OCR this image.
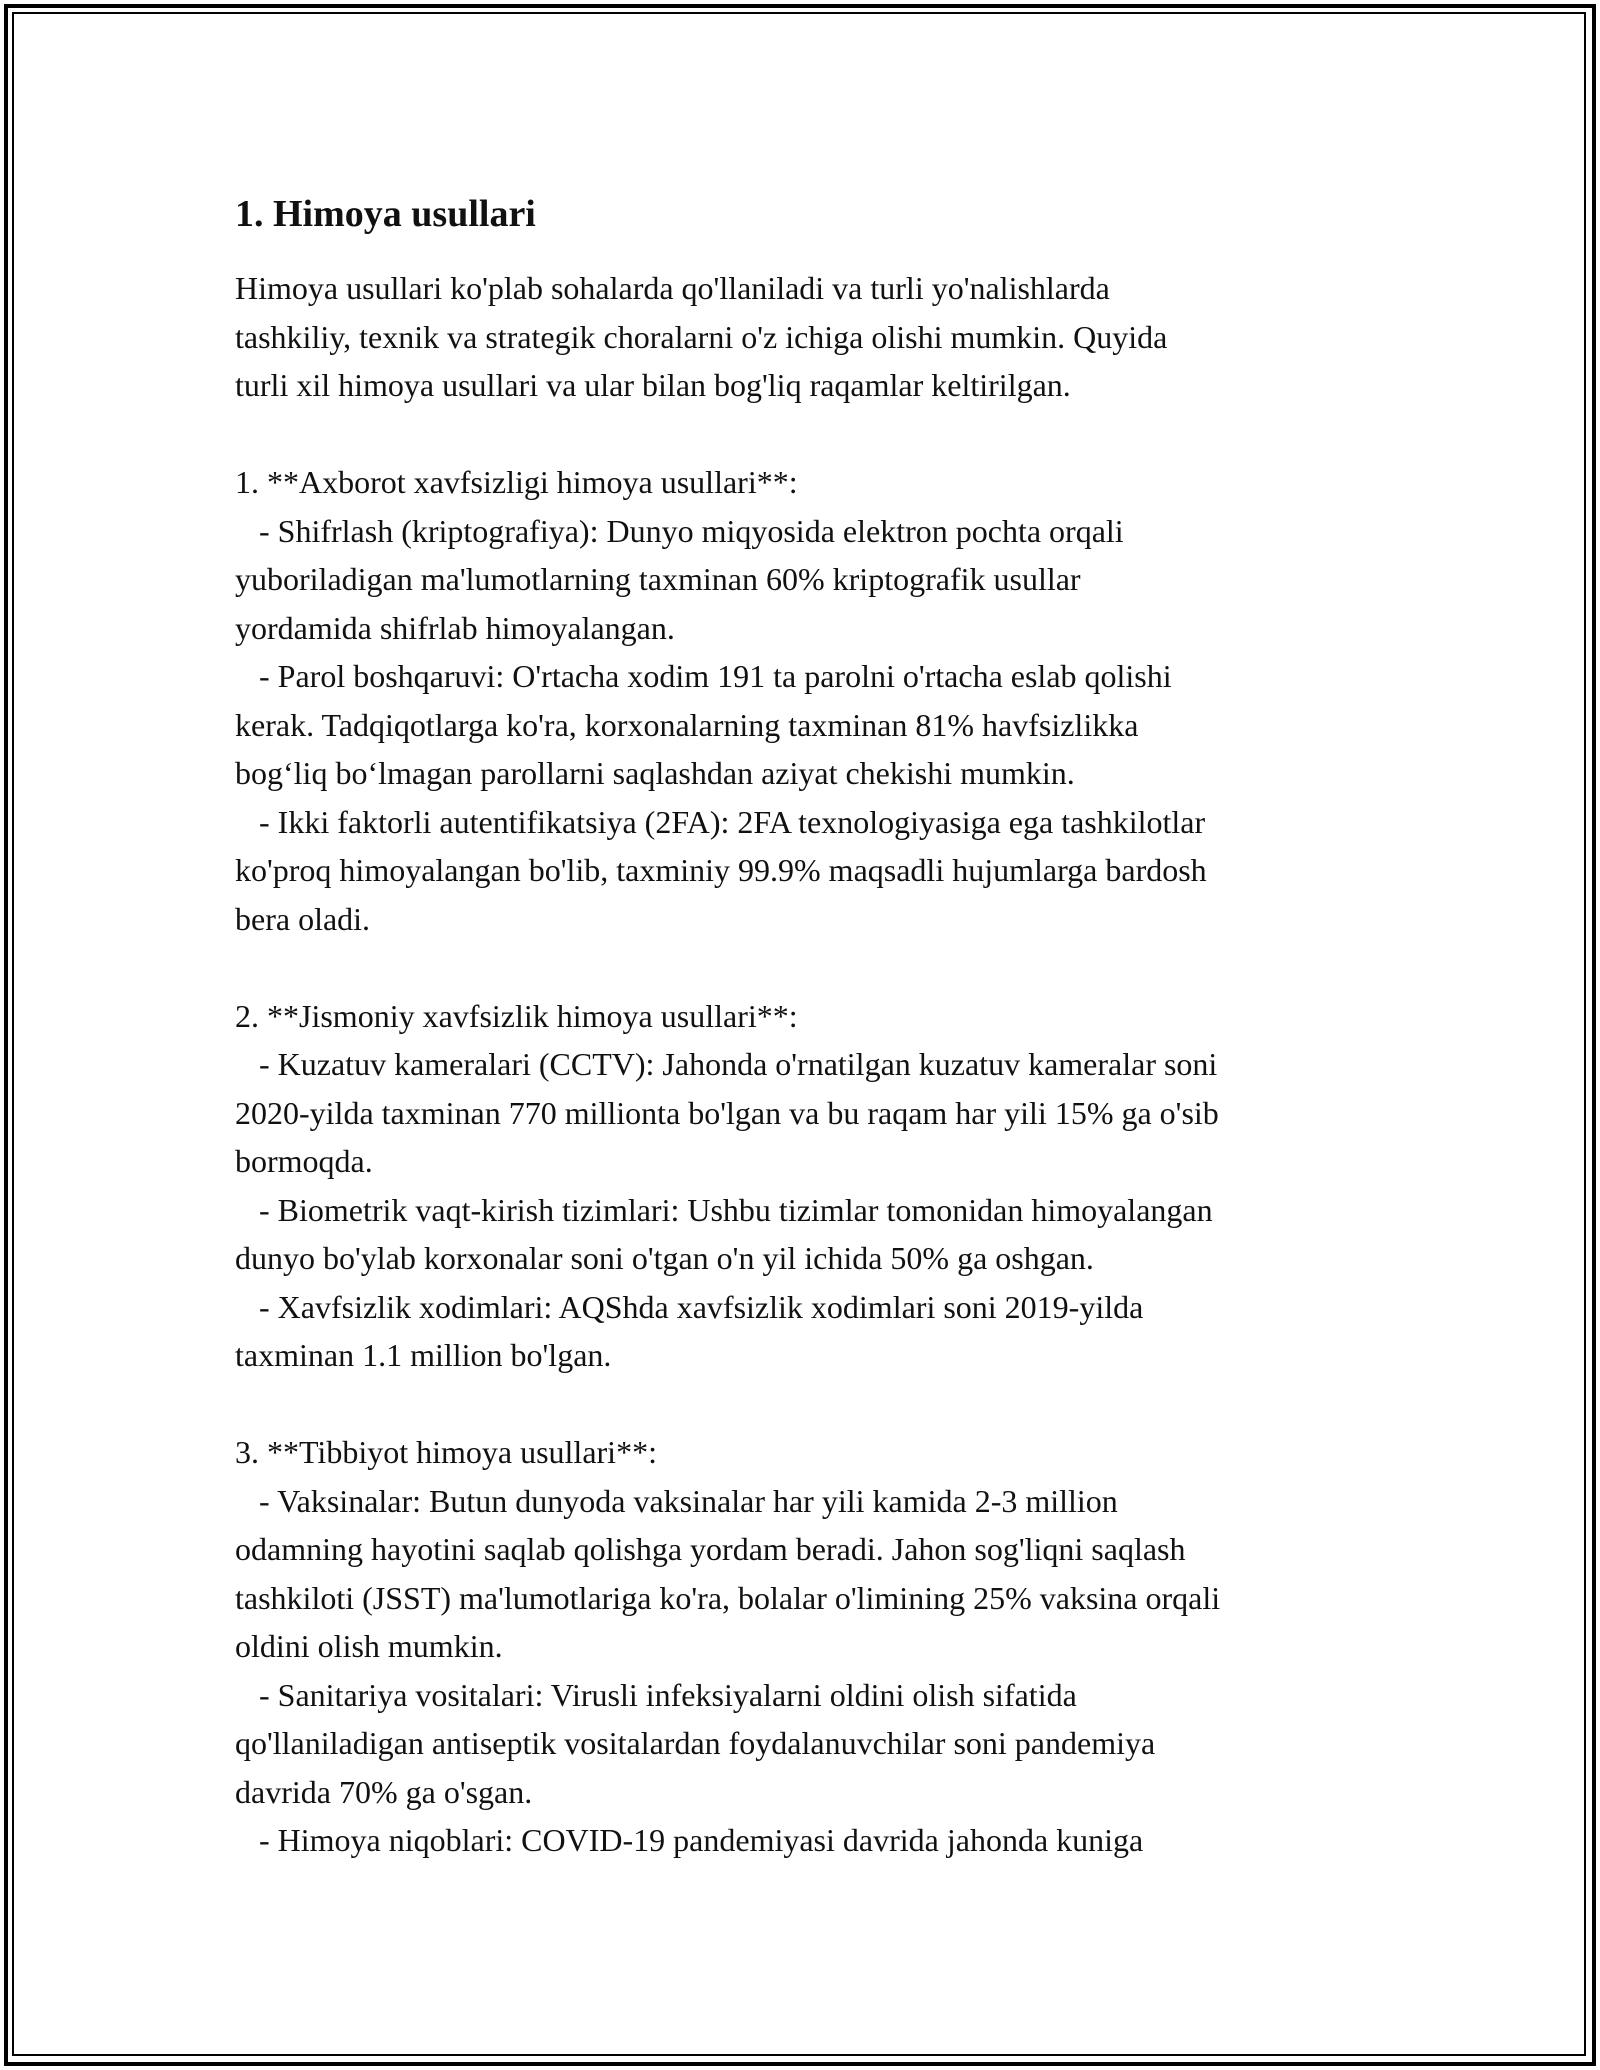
1. Himoya usullari

Himoya usullari ko'plab sohalarda qo'llaniladi va turli yo'nalishlarda
tashkiliy, texnik va strategik choralarni o'z ichiga olishi mumkin. Quyida
turli xil himoya usullari va ular bilan bog'liq raqamlar keltirilgan.

1. **Axborot xavfsizligi himoya usullari**:

- Shifrlash (kriptografiya): Dunyo miqyosida elektron pochta orqali
yuboriladigan ma'lumotlarning taxminan 60% kriptografik usullar
yordamida shifrlab himoyalangan.

- Parol boshqaruvi: O'rtacha xodim 191 ta parolni o'rtacha eslab qolishi
kerak. Tadqiqotlarga ko'ra, korxonalarning taxminan 81% havfsizlikka
bog‘liq bo‘lmagan parollarni saqlashdan aziyat chekishi mumkin.

- Ikki faktorli autentifikatsiya (2FA): 2FA texnologiyasiga ega tashkilotlar
ko'proq himoyalangan bo'lib, taxminiy 99.9% maqsadli hujumlarga bardosh
bera oladi.

2. **Jismoniy xavfsizlik himoya usullari**:

- Kuzatuv kameralari (CCTV): Jahonda o'rnatilgan kuzatuv kameralar soni
2020-yilda taxminan 770 millionta bo'lgan va bu raqam har yili 15% ga o'sib
bormoqda.

- Biometrik vaqt-kirish tizimlari: Ushbu tizimlar tomonidan himoyalangan
dunyo bo'ylab korxonalar soni o'tgan o'n yil ichida 50% ga oshgan.

- Xavfsizlik xodimlari: AQShda xavfsizlik xodimlari soni 2019-yilda
taxminan 1.1 million bo'lgan.

3. **Tibbiyot himoya usullari**:

- Vaksinalar: Butun dunyoda vaksinalar har yili kamida 2-3 million
odamning hayotini saqlab qolishga yordam beradi. Jahon sog'liqni saqlash
tashkiloti (JSST) ma'lumotlariga ko'ra, bolalar o'limining 25% vaksina orqali
oldini olish mumkin.

- Sanitariya vositalari: Virusli infeksiyalarni oldini olish sifatida
qo'llaniladigan antiseptik vositalardan foydalanuvchilar soni pandemiya
davrida 70% ga o'sgan.

- Himoya niqoblari: COVID-19 pandemiyasi davrida jahonda kuniga
